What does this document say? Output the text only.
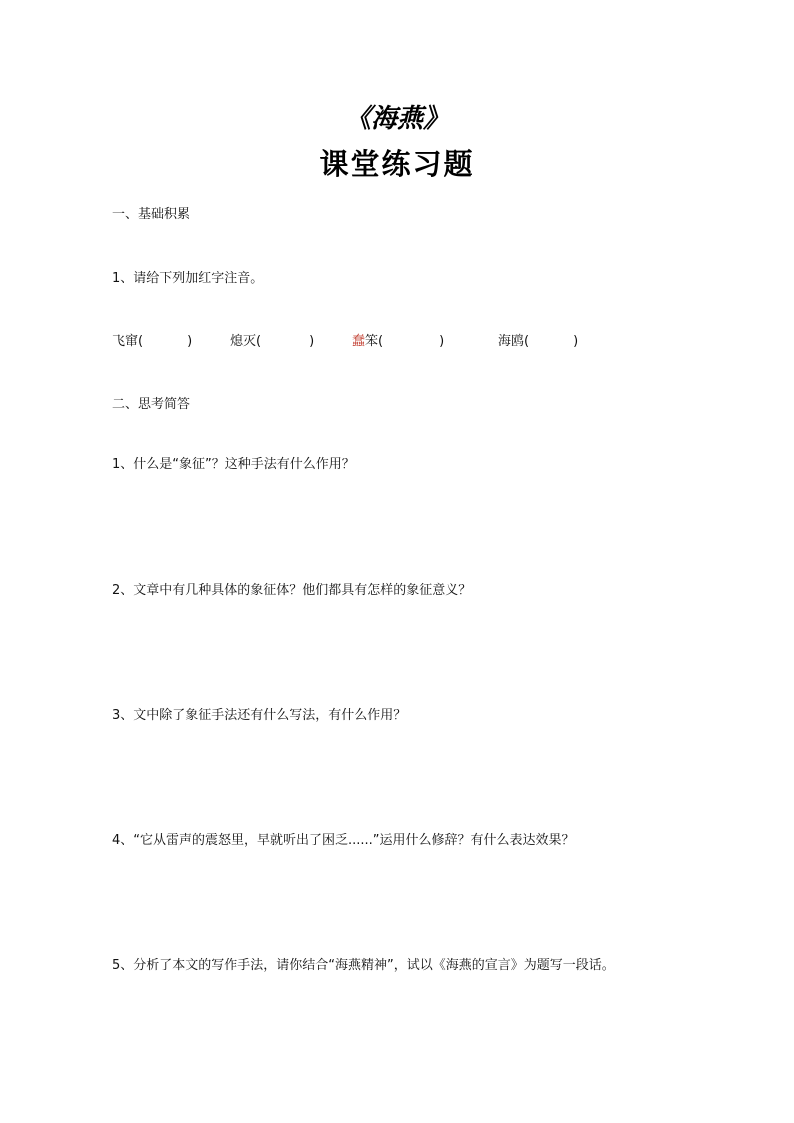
《海燕》
课堂练习题
一、基础积累
1、请给下列加红字注音。
飞窜(	)	熄灭(	)	蠢笨(	)	海鸥(	)
二、思考简答
1、什么是“象征”？这种手法有什么作用？
2、文章中有几种具体的象征体？他们都具有怎样的象征意义？
3、文中除了象征手法还有什么写法，有什么作用？
4、“它从雷声的震怒里，早就听出了困乏......”运用什么修辞？有什么表达效果？
5、分析了本文的写作手法，请你结合“海燕精神”，试以《海燕的宣言》为题写一段话。
